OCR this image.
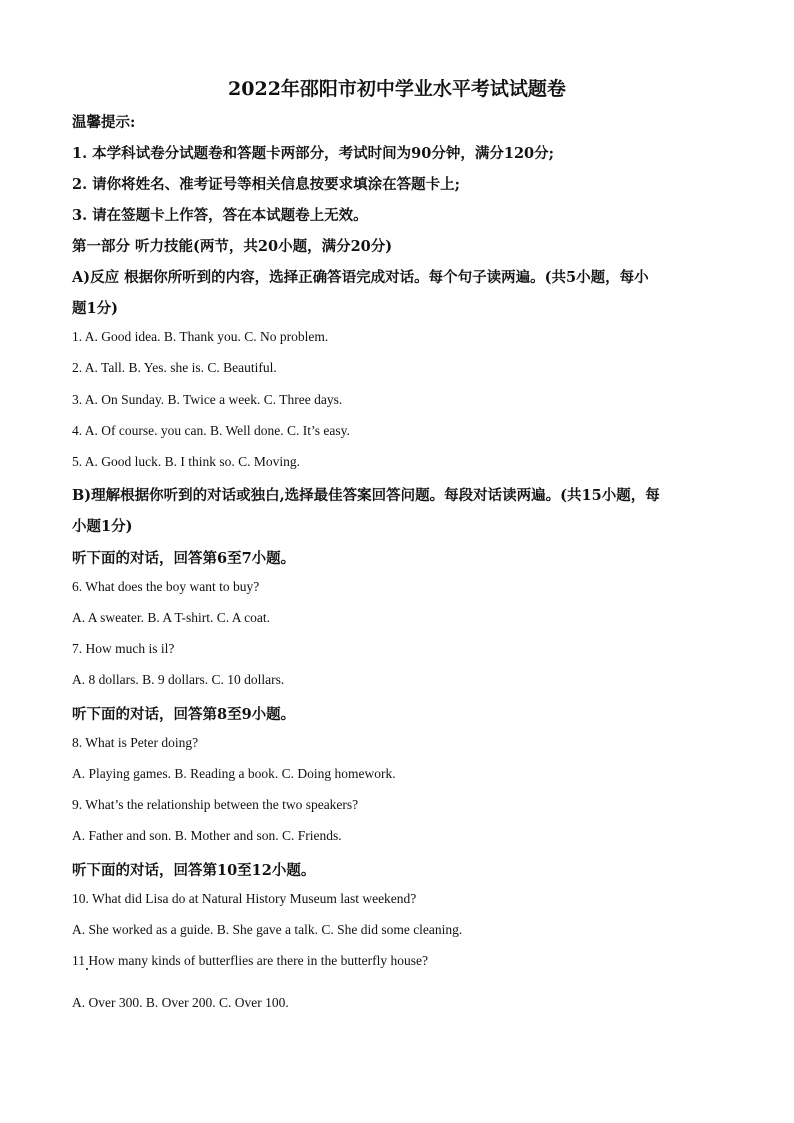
2022年邵阳市初中学业水平考试试题卷
温馨提示:
1. 本学科试卷分试题卷和答题卡两部分，考试时间为90分钟，满分120分;
2. 请你将姓名、准考证号等相关信息按要求填涂在答题卡上;
3. 请在签题卡上作答，答在本试题卷上无效。
第一部分 听力技能(两节，共20小题，满分20分)
A)反应 根据你所听到的内容，选择正确答语完成对话。每个句子读两遍。(共5小题，每小
题1分)
1. A. Good idea. B. Thank you. C. No problem.
2. A. Tall. B. Yes. she is. C. Beautiful.
3. A. On Sunday. B. Twice a week. C. Three days.
4. A. Of course. you can. B. Well done. C. It’s easy.
5. A. Good luck. B. I think so. C. Moving.
B)理解根据你听到的对话或独白,选择最佳答案回答问题。每段对话读两遍。(共15小题，每
小题1分)
听下面的对话，回答第6至7小题。
6. What does the boy want to buy?
A. A sweater. B. A T-shirt. C. A coat.
7. How much is il?
A. 8 dollars. B. 9 dollars. C. 10 dollars.
听下面的对话，回答第8至9小题。
8. What is Peter doing?
A. Playing games. B. Reading a book. C. Doing homework.
9. What’s the relationship between the two speakers?
A. Father and son. B. Mother and son. C. Friends.
听下面的对话，回答第10至12小题。
10. What did Lisa do at Natural History Museum last weekend?
A. She worked as a guide. B. She gave a talk. C. She did some cleaning.
11 How many kinds of butterflies are there in the butterfly house?
A. Over 300. B. Over 200. C. Over 100.
